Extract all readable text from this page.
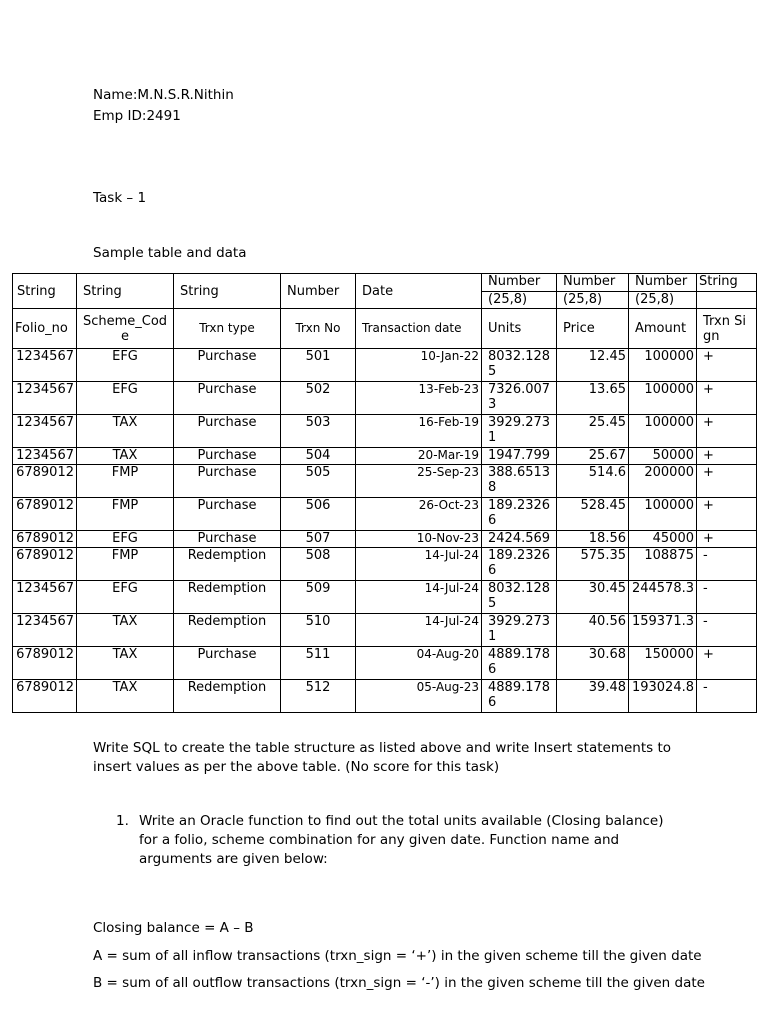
Name:M.N.S.R.Nithin
Emp ID:2491
Task – 1
Sample table and data
String	String	String	Number	Date	Number	Number	Number	String
					(25,8)	(25,8)	(25,8)	
Folio_no	Scheme_Code	Trxn type	Trxn No	Transaction date	Units	Price	Amount	Trxn Sign
1234567	EFG	Purchase	501	10-Jan-22	8032.1285	12.45	100000	+
1234567	EFG	Purchase	502	13-Feb-23	7326.0073	13.65	100000	+
1234567	TAX	Purchase	503	16-Feb-19	3929.2731	25.45	100000	+
1234567	TAX	Purchase	504	20-Mar-19	1947.799	25.67	50000	+
6789012	FMP	Purchase	505	25-Sep-23	388.65138	514.6	200000	+
6789012	FMP	Purchase	506	26-Oct-23	189.23266	528.45	100000	+
6789012	EFG	Purchase	507	10-Nov-23	2424.569	18.56	45000	+
6789012	FMP	Redemption	508	14-Jul-24	189.23266	575.35	108875	-
1234567	EFG	Redemption	509	14-Jul-24	8032.1285	30.45	244578.3	-
1234567	TAX	Redemption	510	14-Jul-24	3929.2731	40.56	159371.3	-
6789012	TAX	Purchase	511	04-Aug-20	4889.1786	30.68	150000	+
6789012	TAX	Redemption	512	05-Aug-23	4889.1786	39.48	193024.8	-
Write SQL to create the table structure as listed above and write Insert statements to insert values as per the above table. (No score for this task)
1. Write an Oracle function to find out the total units available (Closing balance) for a folio, scheme combination for any given date. Function name and arguments are given below:
Closing balance = A – B
A = sum of all inflow transactions (trxn_sign = ‘+’) in the given scheme till the given date
B = sum of all outflow transactions (trxn_sign = ‘-’) in the given scheme till the given date
